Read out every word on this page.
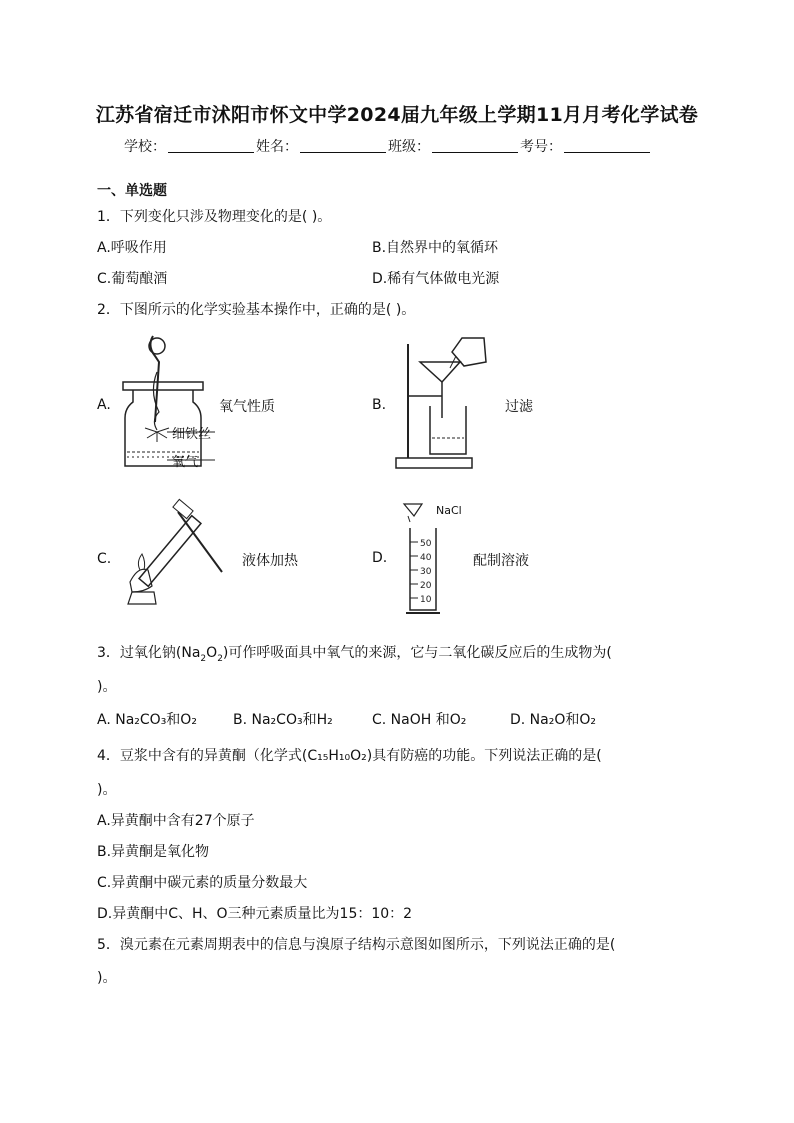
江苏省宿迁市沭阳市怀文中学2024届九年级上学期11月月考化学试卷
学校：	姓名：	班级：	考号：
一、单选题
1．下列变化只涉及物理变化的是( )。
A.呼吸作用	B.自然界中的氧循环
C.葡萄酿酒	D.稀有气体做电光源
2．下图所示的化学实验基本操作中，正确的是( )。
A.
细铁丝
氧气
氧气性质	B.	过滤
C.	液体加热	D.
50
40
30
20
10
NaCl
配制溶液
3．过氧化钠$(Na_2O_2)$可作呼吸面具中氧气的来源，它与二氧化碳反应后的生成物为(
)。
A. Na₂CO₃和O₂	B. Na₂CO₃和H₂	C. NaOH 和O₂	D. Na₂O和O₂
4．豆浆中含有的异黄酮（化学式(C₁₅H₁₀O₂)具有防癌的功能。下列说法正确的是(
)。
A.异黄酮中含有27个原子
B.异黄酮是氧化物
C.异黄酮中碳元素的质量分数最大
D.异黄酮中C、H、O三种元素质量比为15：10：2
5．溴元素在元素周期表中的信息与溴原子结构示意图如图所示，下列说法正确的是(
)。
